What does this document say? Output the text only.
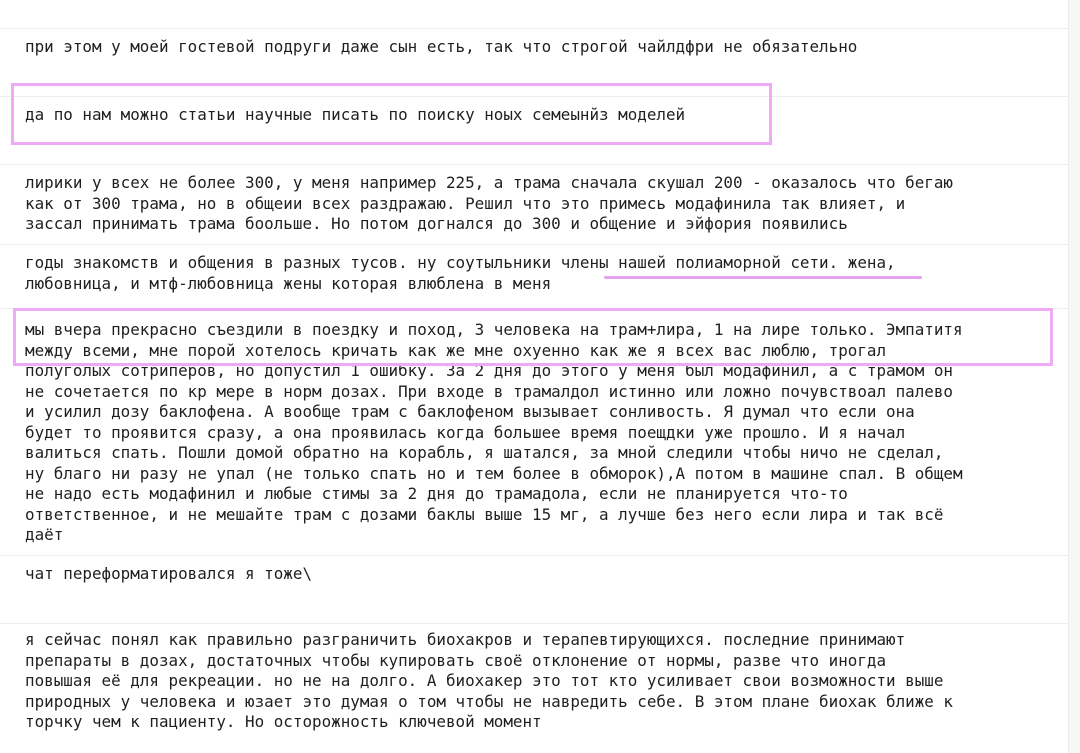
при этом у моей гостевой подруги даже сын есть, так что строгой чайлдфри не обязательно
да по нам можно статьи научные писать по поиску ноых семеынйз моделей
лирики у всех не более 300, у меня например 225, а трама сначала скушал 200 - оказалось что бегаю
как от 300 трама, но в общеии всех раздражаю. Решил что это примесь модафинила так влияет, и
зассал принимать трама боольше. Но потом догнался до 300 и общение и эйфория появились
годы знакомств и общения в разных тусов. ну соутыльники члены нашей полиаморной сети. жена,
любовница, и мтф-любовница жены которая влюблена в меня
мы вчера прекрасно съездили в поездку и поход, 3 человека на трам+лира, 1 на лире только. Эмпатитя
между всеми, мне порой хотелось кричать как же мне охуенно как же я всех вас люблю, трогал
полуголых сотриперов, но допустил 1 ошибку. За 2 дня до этого у меня был модафинил, а с трамом он
не сочетается по кр мере в норм дозах. При входе в трамалдол истинно или ложно почувствоал палево
и усилил дозу баклофена. А вообще трам с баклофеном вызывает сонливость. Я думал что если она
будет то проявится сразу, а она проявилась когда большее время поещдки уже прошло. И я начал
валиться спать. Пошли домой обратно на корабль, я шатался, за мной следили чтобы ничо не сделал,
ну благо ни разу не упал (не только спать но и тем более в обморок),А потом в машине спал. В общем
не надо есть модафинил и любые стимы за 2 дня до трамадола, если не планируется что-то
ответственное, и не мешайте трам с дозами баклы выше 15 мг, а лучше без него если лира и так всё
даёт
чат переформатировался я тоже\
я сейчас понял как правильно разграничить биохакров и терапевтирующихся. последние принимают
препараты в дозах, достаточных чтобы купировать своё отклонение от нормы, разве что иногда
повышая её для рекреации. но не на долго. А биохакер это тот кто усиливает свои возможности выше
природных у человека и юзает это думая о том чтобы не навредить себе. В этом плане биохак ближе к
торчку чем к пациенту. Но осторожность ключевой момент
